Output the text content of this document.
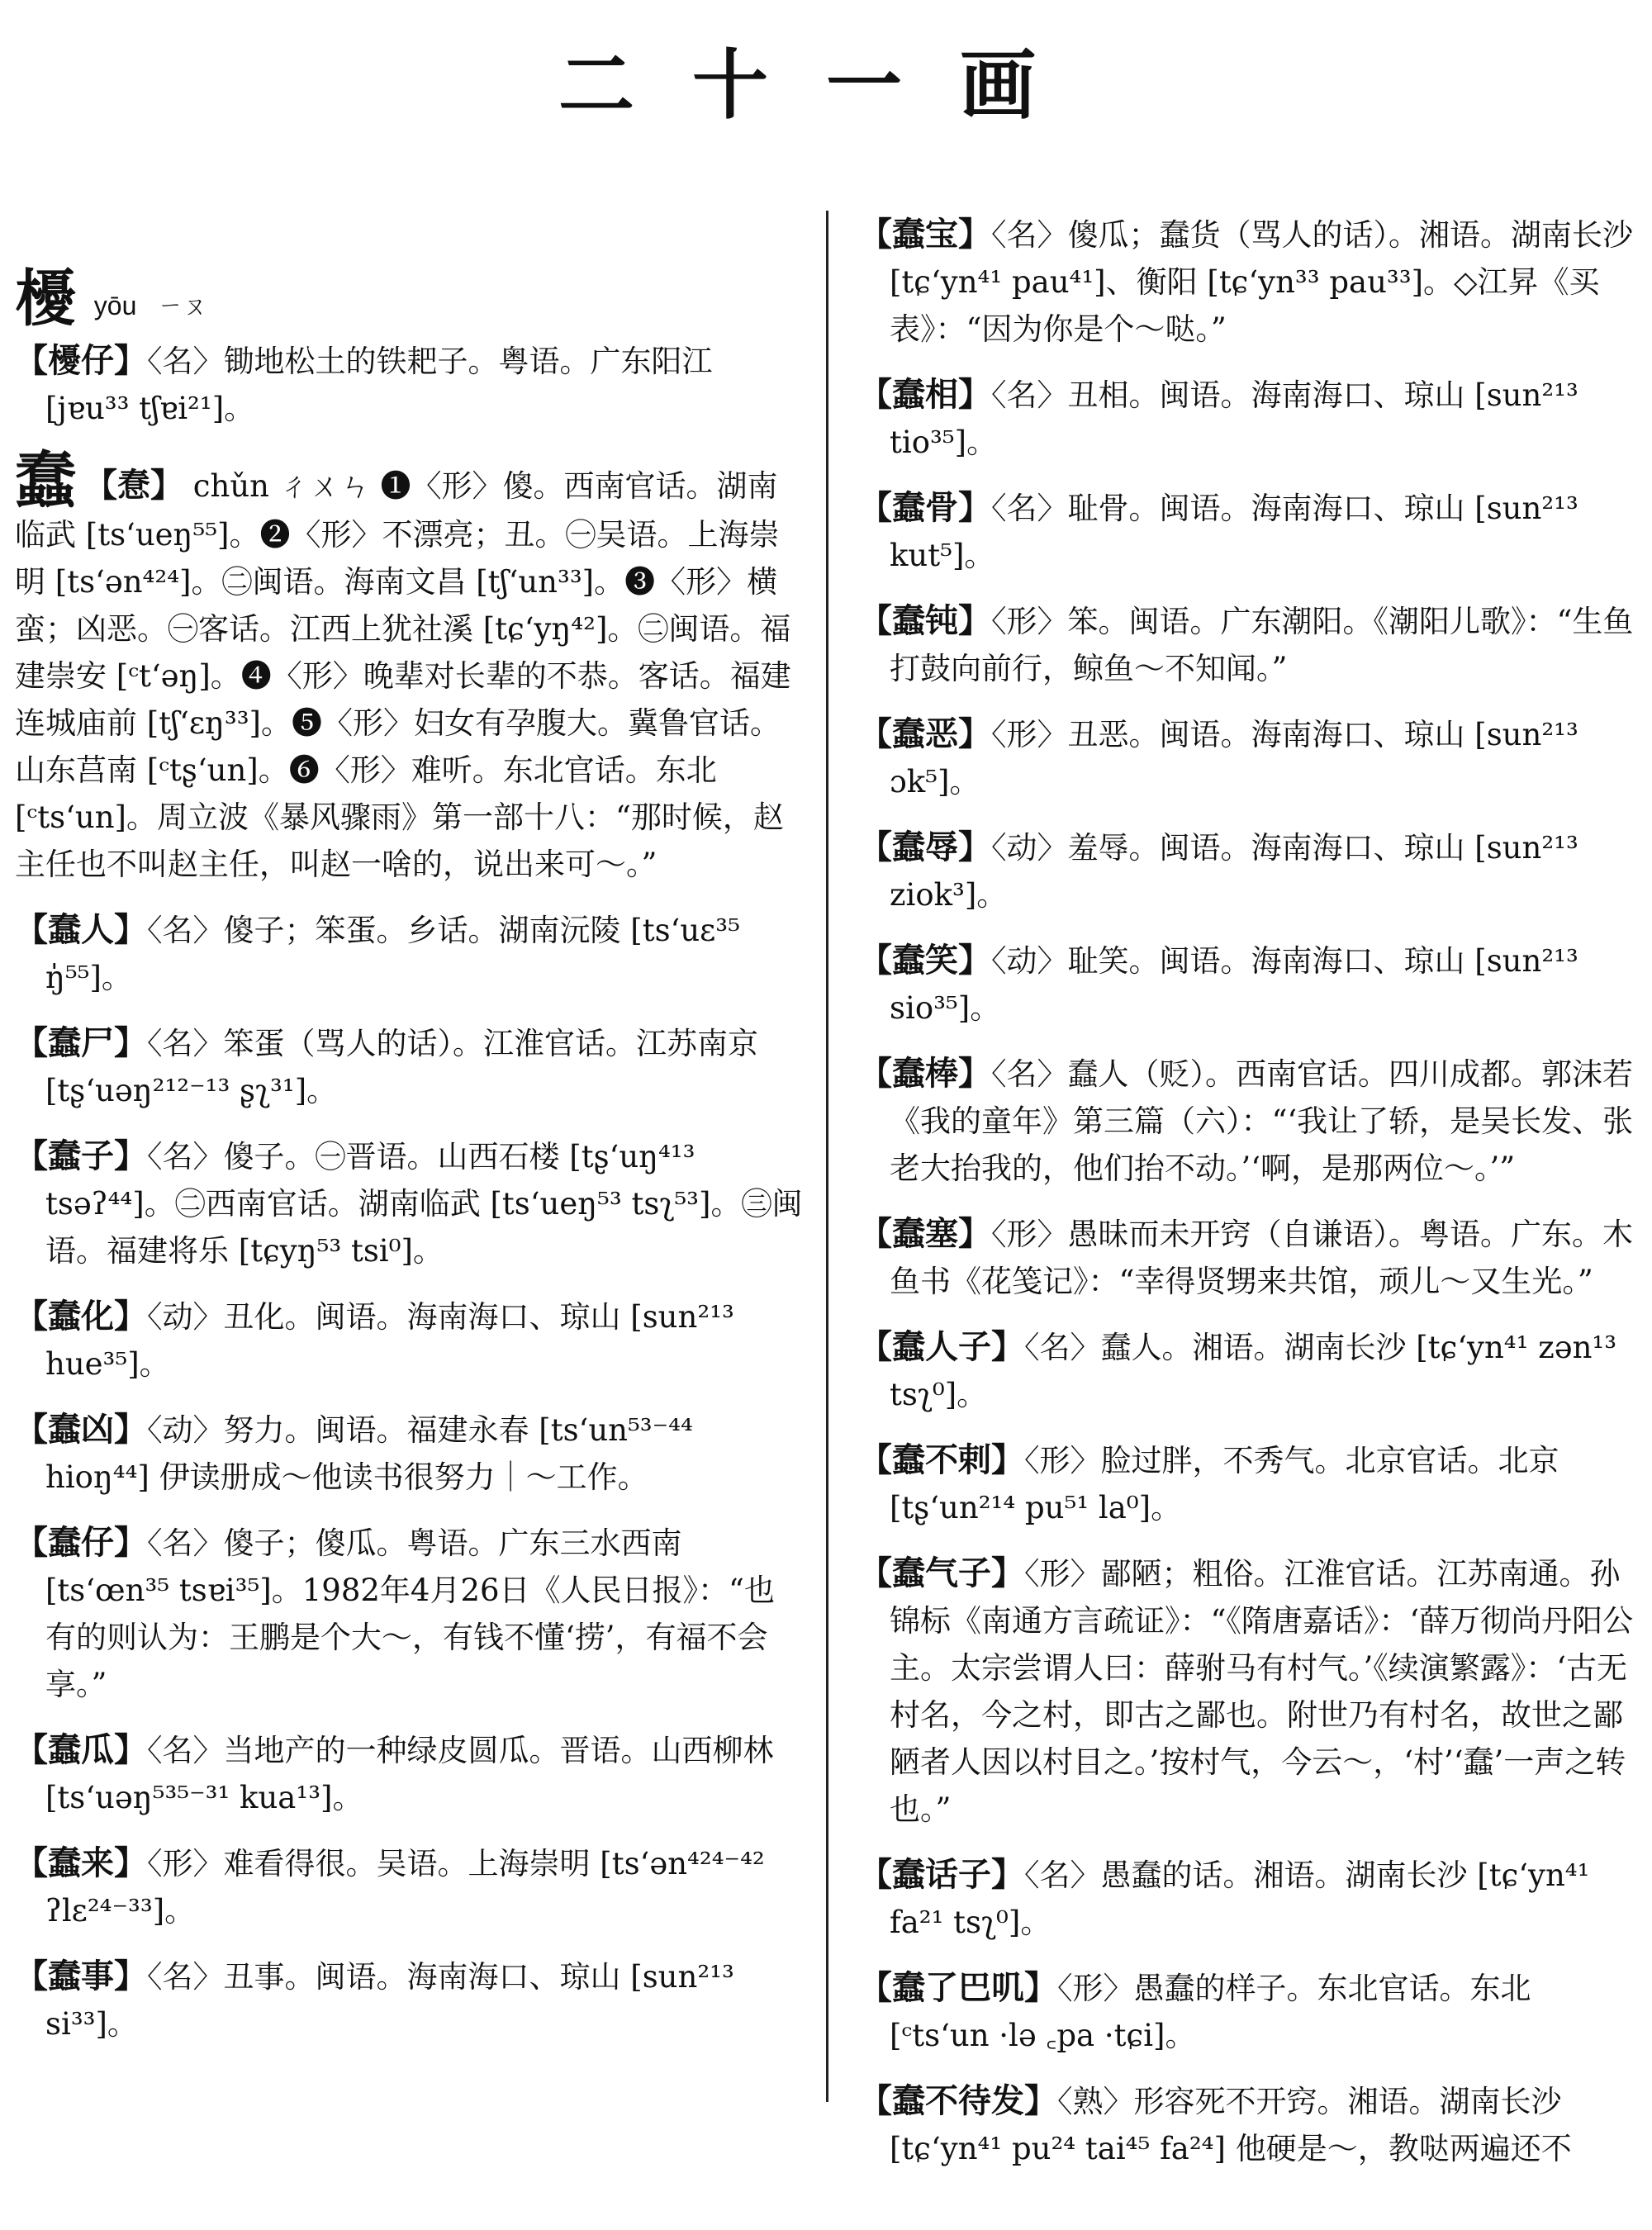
二十一画
櫌 yōu ㄧㄡ
【櫌仔】〈名〉锄地松土的铁耙子。粤语。广东阳江 [jɐu³³ tʃɐi²¹]。
蠢 【惷】 chǔn ㄔㄨㄣ ❶〈形〉傻。西南官话。湖南临武 [ts‘ueŋ⁵⁵]。❷〈形〉不漂亮；丑。㊀吴语。上海崇明 [ts‘ən⁴²⁴]。㊁闽语。海南文昌 [tʃ‘un³³]。❸〈形〉横蛮；凶恶。㊀客话。江西上犹社溪 [tɕ‘yŋ⁴²]。㊁闽语。福建崇安 [ᶜt‘əŋ]。❹〈形〉晚辈对长辈的不恭。客话。福建连城庙前 [tʃ‘ɛŋ³³]。❺〈形〉妇女有孕腹大。冀鲁官话。山东莒南 [ᶜtʂ‘un]。❻〈形〉难听。东北官话。东北 [ᶜts‘un]。周立波《暴风骤雨》第一部十八：“那时候，赵主任也不叫赵主任，叫赵一啥的，说出来可～。”
【蠢人】〈名〉傻子；笨蛋。乡话。湖南沅陵 [ts‘uɛ³⁵ ŋ̍⁵⁵]。
【蠢尸】〈名〉笨蛋（骂人的话）。江淮官话。江苏南京 [tʂ‘uəŋ²¹²⁻¹³ ʂʅ³¹]。
【蠢子】〈名〉傻子。㊀晋语。山西石楼 [tʂ‘uŋ⁴¹³ tsəʔ⁴⁴]。㊁西南官话。湖南临武 [ts‘ueŋ⁵³ tsʅ⁵³]。㊂闽语。福建将乐 [tɕyŋ⁵³ tsi⁰]。
【蠢化】〈动〉丑化。闽语。海南海口、琼山 [sun²¹³ hue³⁵]。
【蠢凶】〈动〉努力。闽语。福建永春 [ts‘un⁵³⁻⁴⁴ hioŋ⁴⁴] 伊读册成～他读书很努力｜～工作。
【蠢仔】〈名〉傻子；傻瓜。粤语。广东三水西南 [ts‘œn³⁵ tsɐi³⁵]。1982年4月26日《人民日报》：“也有的则认为：王鹏是个大～，有钱不懂‘捞’，有福不会享。”
【蠢瓜】〈名〉当地产的一种绿皮圆瓜。晋语。山西柳林 [ts‘uəŋ⁵³⁵⁻³¹ kua¹³]。
【蠢来】〈形〉难看得很。吴语。上海崇明 [ts‘ən⁴²⁴⁻⁴² ʔlɛ²⁴⁻³³]。
【蠢事】〈名〉丑事。闽语。海南海口、琼山 [sun²¹³ si³³]。
【蠢宝】〈名〉傻瓜；蠢货（骂人的话）。湘语。湖南长沙 [tɕ‘yn⁴¹ pau⁴¹]、衡阳 [tɕ‘yn³³ pau³³]。◇江昇《买表》：“因为你是个～哒。”
【蠢相】〈名〉丑相。闽语。海南海口、琼山 [sun²¹³ tio³⁵]。
【蠢骨】〈名〉耻骨。闽语。海南海口、琼山 [sun²¹³ kut⁵]。
【蠢钝】〈形〉笨。闽语。广东潮阳。《潮阳儿歌》：“生鱼打鼓向前行，鲸鱼～不知闻。”
【蠢恶】〈形〉丑恶。闽语。海南海口、琼山 [sun²¹³ ɔk⁵]。
【蠢辱】〈动〉羞辱。闽语。海南海口、琼山 [sun²¹³ ziok³]。
【蠢笑】〈动〉耻笑。闽语。海南海口、琼山 [sun²¹³ sio³⁵]。
【蠢棒】〈名〉蠢人（贬）。西南官话。四川成都。郭沫若《我的童年》第三篇（六）：“‘我让了轿，是吴长发、张老大抬我的，他们抬不动。’‘啊，是那两位～。’”
【蠢塞】〈形〉愚昧而未开窍（自谦语）。粤语。广东。木鱼书《花笺记》：“幸得贤甥来共馆，顽儿～又生光。”
【蠢人子】〈名〉蠢人。湘语。湖南长沙 [tɕ‘yn⁴¹ zən¹³ tsʅ⁰]。
【蠢不剌】〈形〉脸过胖，不秀气。北京官话。北京 [tʂ‘un²¹⁴ pu⁵¹ la⁰]。
【蠢气子】〈形〉鄙陋；粗俗。江淮官话。江苏南通。孙锦标《南通方言疏证》：“《隋唐嘉话》：‘薛万彻尚丹阳公主。太宗尝谓人曰：薛驸马有村气。’《续演繁露》：‘古无村名，今之村，即古之鄙也。附世乃有村名，故世之鄙陋者人因以村目之。’按村气，今云～，‘村’‘蠢’一声之转也。”
【蠢话子】〈名〉愚蠢的话。湘语。湖南长沙 [tɕ‘yn⁴¹ fa²¹ tsʅ⁰]。
【蠢了巴叽】〈形〉愚蠢的样子。东北官话。东北 [ᶜts‘un ·lə ꜀pa ·tɕi]。
【蠢不待发】〈熟〉形容死不开窍。湘语。湖南长沙 [tɕ‘yn⁴¹ pu²⁴ tai⁴⁵ fa²⁴] 他硬是～，教哒两遍还不
